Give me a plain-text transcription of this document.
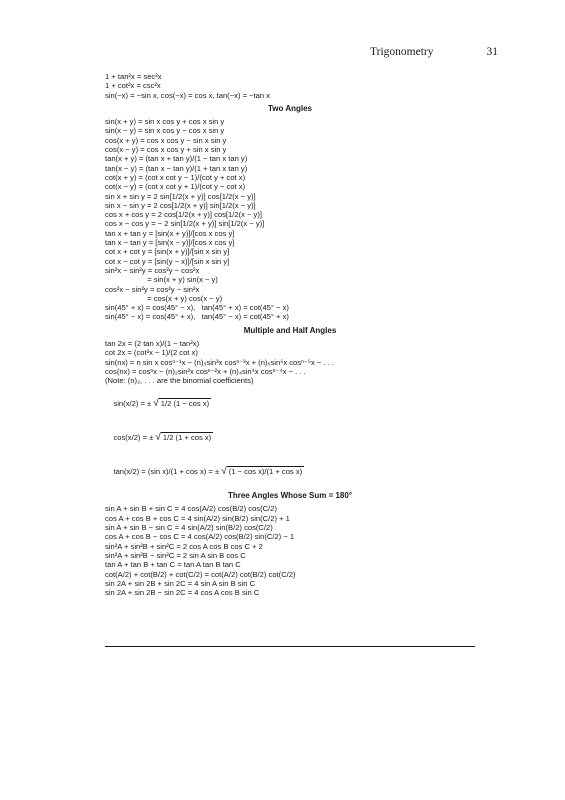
Trigonometry	31
1 + tan²x = sec²x
1 + cot²x = csc²x
sin(−x) = −sin x, cos(−x) = cos x, tan(−x) = −tan x
Two Angles
sin(x + y) = sin x cos y + cos x sin y
sin(x − y) = sin x cos y − cos x sin y
cos(x + y) = cos x cos y − sin x sin y
cos(x − y) = cos x cos y + sin x sin y
tan(x + y) = (tan x + tan y)/(1 − tan x tan y)
tan(x − y) = (tan x − tan y)/(1 + tan x tan y)
cot(x + y) = (cot x cot y − 1)/(cot y + cot x)
cot(x − y) = (cot x cot y + 1)/(cot y − cot x)
sin x + sin y = 2 sin[1/2(x + y)] cos[1/2(x − y)]
sin x − sin y = 2 cos[1/2(x + y)] sin[1/2(x − y)]
cos x + cos y = 2 cos[1/2(x + y)] cos[1/2(x − y)]
cos x − cos y = − 2 sin[1/2(x + y)] sin[1/2(x − y)]
tan x + tan y = [sin(x + y)]/[cos x cos y]
tan x − tan y = [sin(x − y)]/[cos x cos y]
cot x + cot y = [sin(x + y)]/[sin x sin y]
cot x − cot y = [sin(y − x)]/[sin x sin y]
sin²x − sin²y = cos²y − cos²x
= sin(x + y) sin(x − y)
cos²x − sin²y = cos²y − sin²x
= cos(x + y) cos(x − y)
sin(45° + x) = cos(45° − x),   tan(45° + x) = cot(45° − x)
sin(45° − x) = cos(45° + x),   tan(45° − x) = cot(45° + x)
Multiple and Half Angles
tan 2x = (2 tan x)/(1 − tan²x)
cot 2x = (cot²x − 1)/(2 cot x)
sin(nx) = n sin x cosⁿ⁻¹x − (n)₃sin³x cosⁿ⁻³x + (n)₅sin⁵x cosⁿ⁻⁵x − . . .
cos(nx) = cosⁿx − (n)₂sin²x cosⁿ⁻²x + (n)₄sin⁴x cosⁿ⁻⁴x − . . .
(Note: (n)₂, . . . are the binomial coefficients)

sin(x/2) = ± √ 1/2 (1 − cos x)

cos(x/2) = ± √ 1/2 (1 + cos x)

tan(x/2) = (sin x)/(1 + cos x) = ± √ (1 − cos x)/(1 + cos x)

Three Angles Whose Sum = 180°
sin A + sin B + sin C = 4 cos(A/2) cos(B/2) cos(C/2)
cos A + cos B + cos C = 4 sin(A/2) sin(B/2) sin(C/2) + 1
sin A + sin B − sin C = 4 sin(A/2) sin(B/2) cos(C/2)
cos A + cos B − cos C = 4 cos(A/2) cos(B/2) sin(C/2) − 1
sin²A + sin²B + sin²C = 2 cos A cos B cos C + 2
sin²A + sin²B − sin²C = 2 sin A sin B cos C
tan A + tan B + tan C = tan A tan B tan C
cot(A/2) + cot(B/2) + cot(C/2) = cot(A/2) cot(B/2) cot(C/2)
sin 2A + sin 2B + sin 2C = 4 sin A sin B sin C
sin 2A + sin 2B − sin 2C = 4 cos A cos B sin C
